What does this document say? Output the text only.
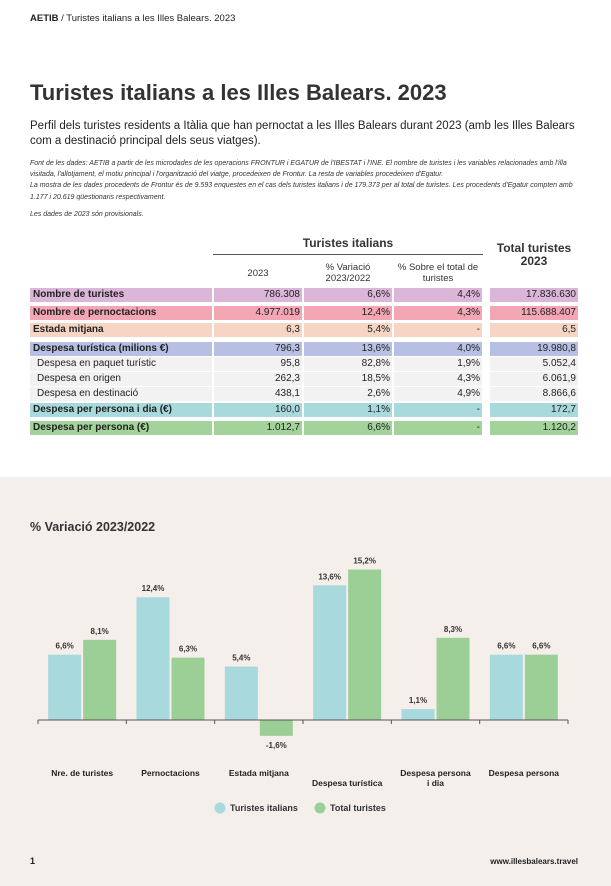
AETIB / Turistes italians a les Illes Balears. 2023
Turistes italians a les Illes Balears. 2023
Perfil dels turistes residents a Itàlia que han pernoctat a les Illes Balears durant 2023 (amb les Illes Balears com a destinació principal dels seus viatges).

Font de les dades: AETIB a partir de les microdades de les operacions FRONTUR i EGATUR de l'IBESTAT i l'INE. El nombre de turistes i les variables relacionades amb l'illa visitada, l'allotjament, el motiu principal i l'organització del viatge, procedeixen de Frontur. La resta de variables procedeixen d'Egatur.

La mostra de les dades procedents de Frontur és de 9.593 enquestes en el cas dels turistes italians i de 179.373 per al total de turistes. Les procedents d'Egatur compten amb 1.177 i 20.619 qüestionaris respectivament.

Les dades de 2023 són provisionals.

Turistes italians	Total turistes 2023
2023
% Variació 2023/2022
% Sobre el total de turistes
Nombre de turistes	786.308	6,6%	4,4%	17.836.630
Nombre de pernoctacions	4.977.019	12,4%	4,3%	115.688.407
Estada mitjana	6,3	5,4%	-	6,5
Despesa turística (milions €)	796,3	13,6%	4,0%	19.980,8
Despesa en paquet turístic	95,8	82,8%	1,9%	5.052,4
Despesa en origen	262,3	18,5%	4,3%	6.061,9
Despesa en destinació	438,1	2,6%	4,9%	8.866,6
Despesa per persona i dia (€)	160,0	1,1%	-	172,7
Despesa per persona (€)	1.012,7	6,6%	-	1.120,2
% Variació 2023/2022
6,6%
8,1%
Nre. de turistes
12,4%
6,3%
Pernoctacions
5,4%
-1,6%
Estada mitjana
13,6%
15,2%
Despesa turística
1,1%
8,3%
Despesa persona i dia
6,6% 6,6%
Despesa persona
Turistes italians	Total turistes
1	www.illesbalears.travel
